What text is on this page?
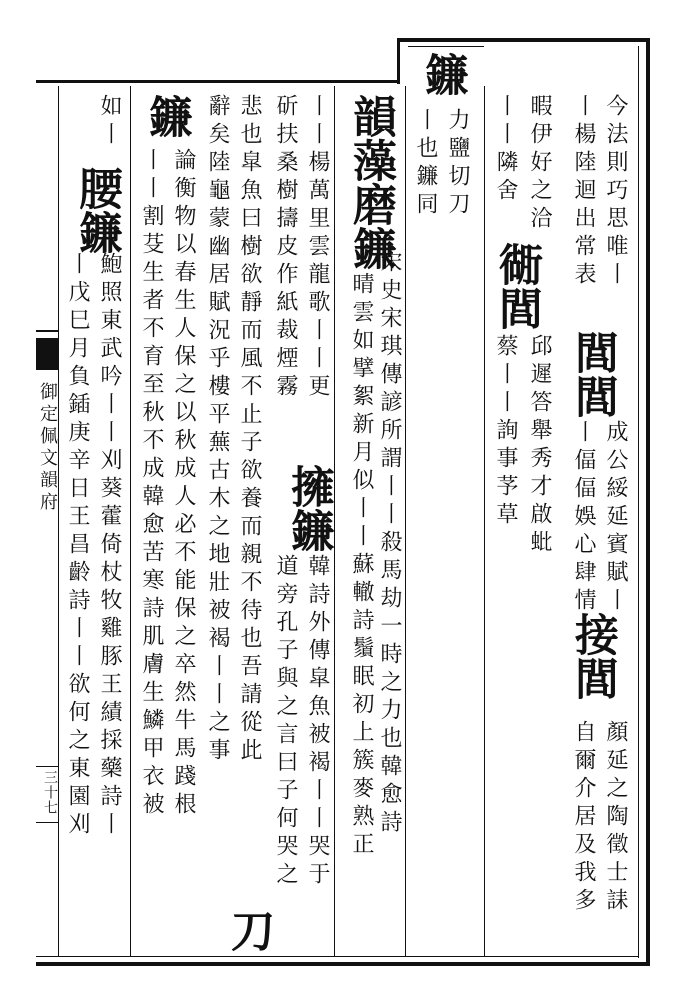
御定佩文韻府
三十七
鐮
力鹽切刀
丨也鐮同	今法則巧思唯丨
閭閭
成公綏延賓賦丨
丨楊陸迴出常表
丨偪偪娛心肆情
接閭
顏延之陶徵士誄
自爾介居及我多
暇伊好之洽
丨丨隣舍
衚閭
邱遲答舉秀才啟蚍
蔡丨丨詢事芧草
韻藻
磨鐮
宋史宋琪傳諺所謂丨丨殺馬劫一時之力也韓愈詩
晴雲如擘絮新月似丨丨蘇轍詩鬚眠初上簇麥熟正
丨丨楊萬里雲龍歌丨丨更
擁鐮
韓詩外傳皐魚被褐丨丨哭于
斫扶桑樹擣皮作紙裁煙霧
道旁孔子與之言曰子何哭之
悲也皐魚曰樹欲靜而風不止子欲養而親不待也吾請從此
辭矣陸龜蒙幽居賦況乎樓平蕪古木之地壯被褐丨丨之事
刀
鐮
論衡物以春生人保之以秋成人必不能保之卒然牛馬踐根
丨丨割芟生者不育至秋不成韓愈苦寒詩肌膚生鱗甲衣被
如丨
腰鐮
鮑照東武吟丨丨刈葵藿倚杖牧雞豚王績採藥詩丨
丨戊巳月負鍤庚辛日王昌齡詩丨丨欲何之東園刈
